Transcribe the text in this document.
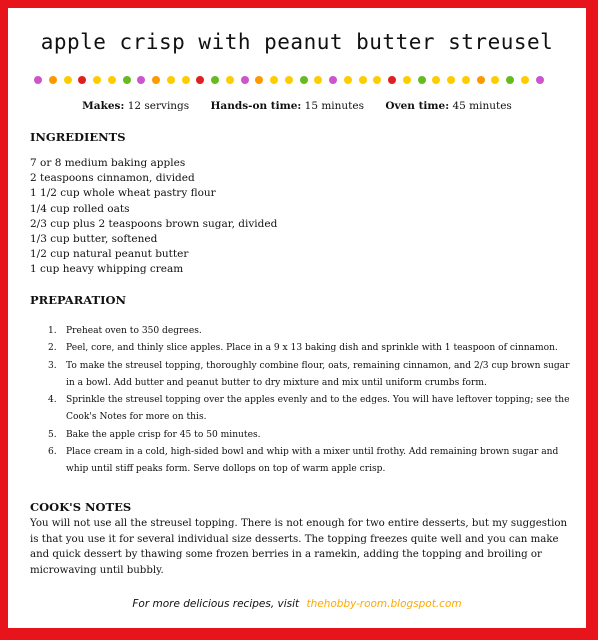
apple crisp with peanut butter streusel
Makes: 12 servings Hands-on time: 15 minutes Oven time: 45 minutes
INGREDIENTS
7 or 8 medium baking apples
2 teaspoons cinnamon, divided
1 1/2 cup whole wheat pastry flour
1/4 cup rolled oats
2/3 cup plus 2 teaspoons brown sugar, divided
1/3 cup butter, softened
1/2 cup natural peanut butter
1 cup heavy whipping cream
PREPARATION
1. Preheat oven to 350 degrees.
2. Peel, core, and thinly slice apples. Place in a 9 x 13 baking dish and sprinkle with 1 teaspoon of cinnamon.
3. To make the streusel topping, thoroughly combine flour, oats, remaining cinnamon, and 2/3 cup brown sugar in a bowl. Add butter and peanut butter to dry mixture and mix until uniform crumbs form.
4. Sprinkle the streusel topping over the apples evenly and to the edges. You will have leftover topping; see the Cook's Notes for more on this.
5. Bake the apple crisp for 45 to 50 minutes.
6. Place cream in a cold, high-sided bowl and whip with a mixer until frothy. Add remaining brown sugar and whip until stiff peaks form. Serve dollops on top of warm apple crisp.
COOK'S NOTES

You will not use all the streusel topping. There is not enough for two entire desserts, but my suggestion is that you use it for several individual size desserts. The topping freezes quite well and you can make and quick dessert by thawing some frozen berries in a ramekin, adding the topping and broiling or microwaving until bubbly.

For more delicious recipes, visit thehobby-room.blogspot.com
